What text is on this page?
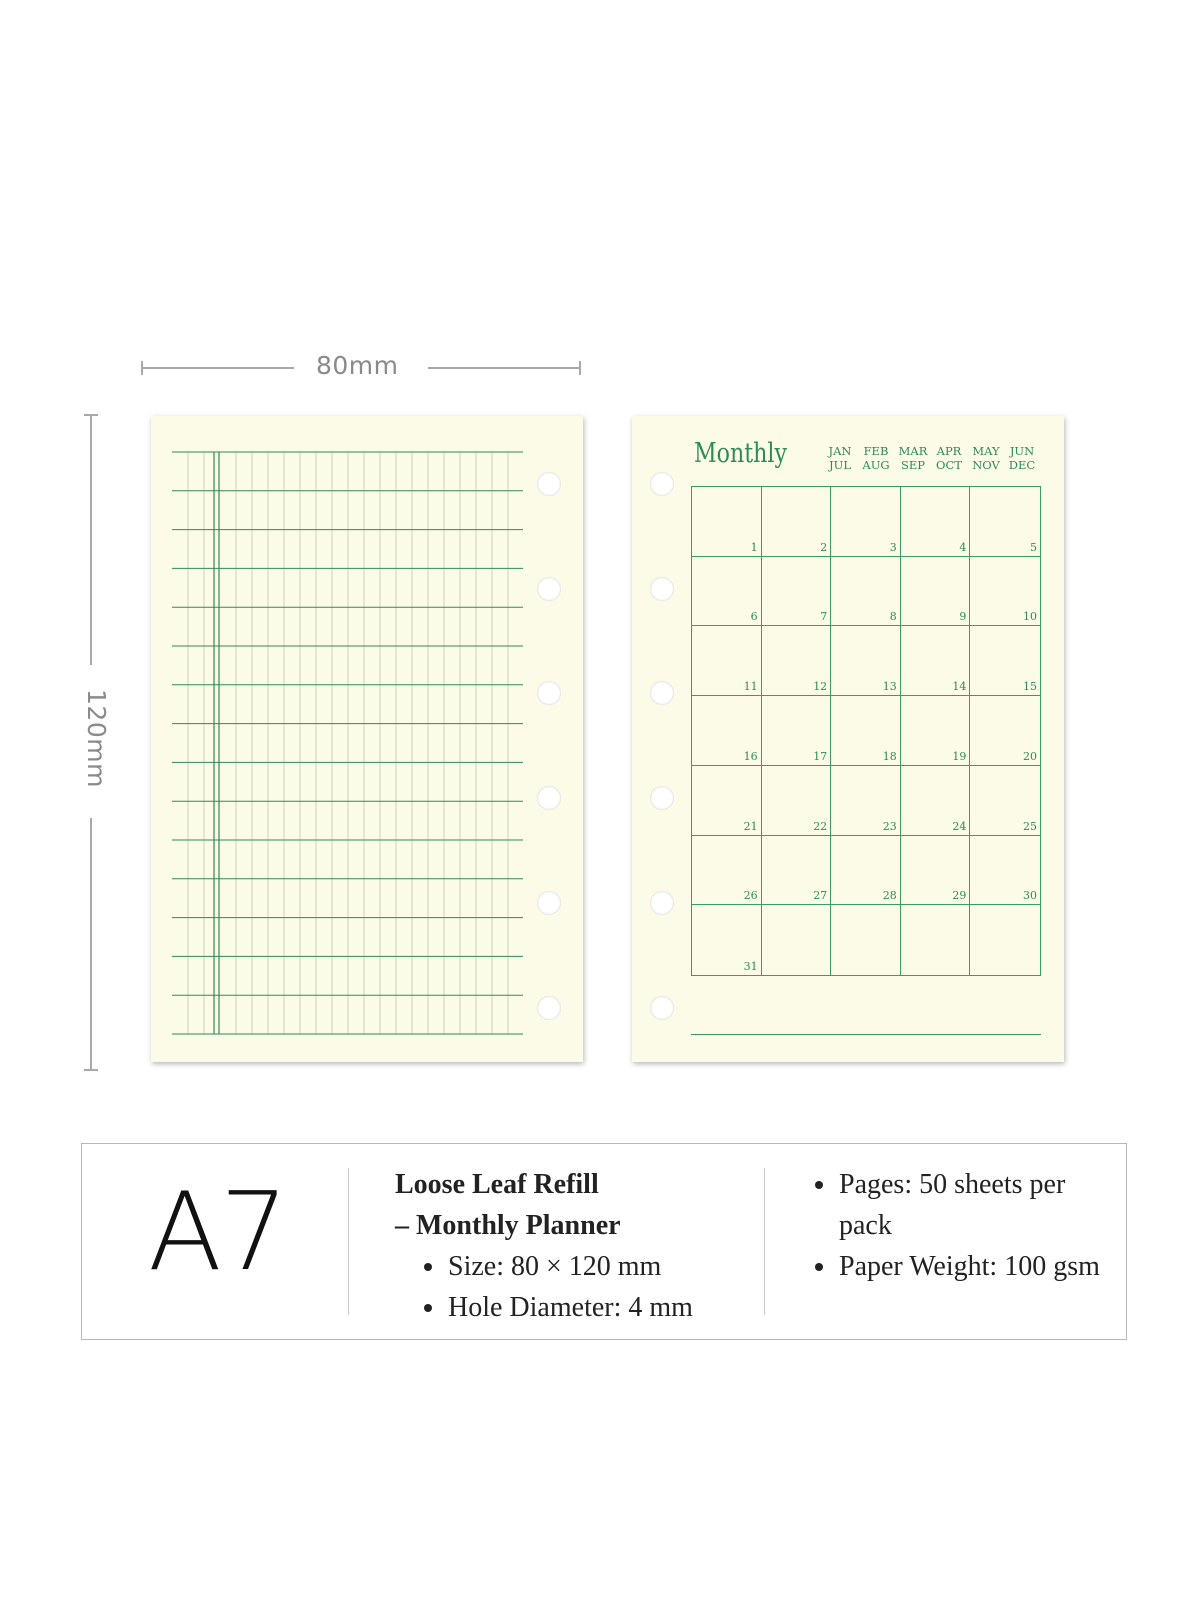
80mm
120mm
Monthly	JAN	FEB MAR APR MAY JUN
JUL AUG SEP OCT NOV DEC
1	2	3	4	5
6	7	8	9	10
11	12	13	14	15
16	17	18	19	20
21	22	23	24	25
26	27	28	29	30
31
A7	Loose Leaf Refill
– Monthly Planner
Size: 80 × 120 mm
Hole Diameter: 4 mm
Pages: 50 sheets per pack
Paper Weight: 100 gsm
